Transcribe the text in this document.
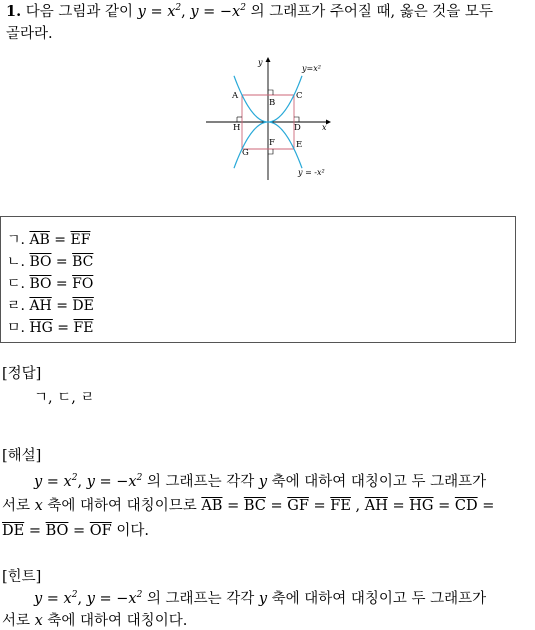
1. 다음 그림과 같이 $y = x^2$, $y = -x^2$ 의 그래프가 주어질 때, 옳은 것을 모두
골라라.
y
x
y=x²
y = -x²
A
B
C
D
E
F
G
H
ㄱ. $\overline{AB} = \overline{EF}$
ㄴ. $\overline{BO} = \overline{BC}$
ㄷ. $\overline{BO} = \overline{FO}$
ㄹ. $\overline{AH} = \overline{DE}$
ㅁ. $\overline{HG} = \overline{FE}$
[정답]
ㄱ, ㄷ, ㄹ
[해설]
$y = x^2$, $y = -x^2$ 의 그래프는 각각 y 축에 대하여 대칭이고 두 그래프가
서로 x 축에 대하여 대칭이므로 $\overline{AB} = \overline{BC} = \overline{GF} = \overline{FE}$ , $\overline{AH} = \overline{HG} = \overline{CD}$ =
$\overline{DE} = \overline{BO} = \overline{OF}$ 이다.
[힌트]
$y = x^2$, $y = -x^2$ 의 그래프는 각각 y 축에 대하여 대칭이고 두 그래프가
서로 x 축에 대하여 대칭이다.
